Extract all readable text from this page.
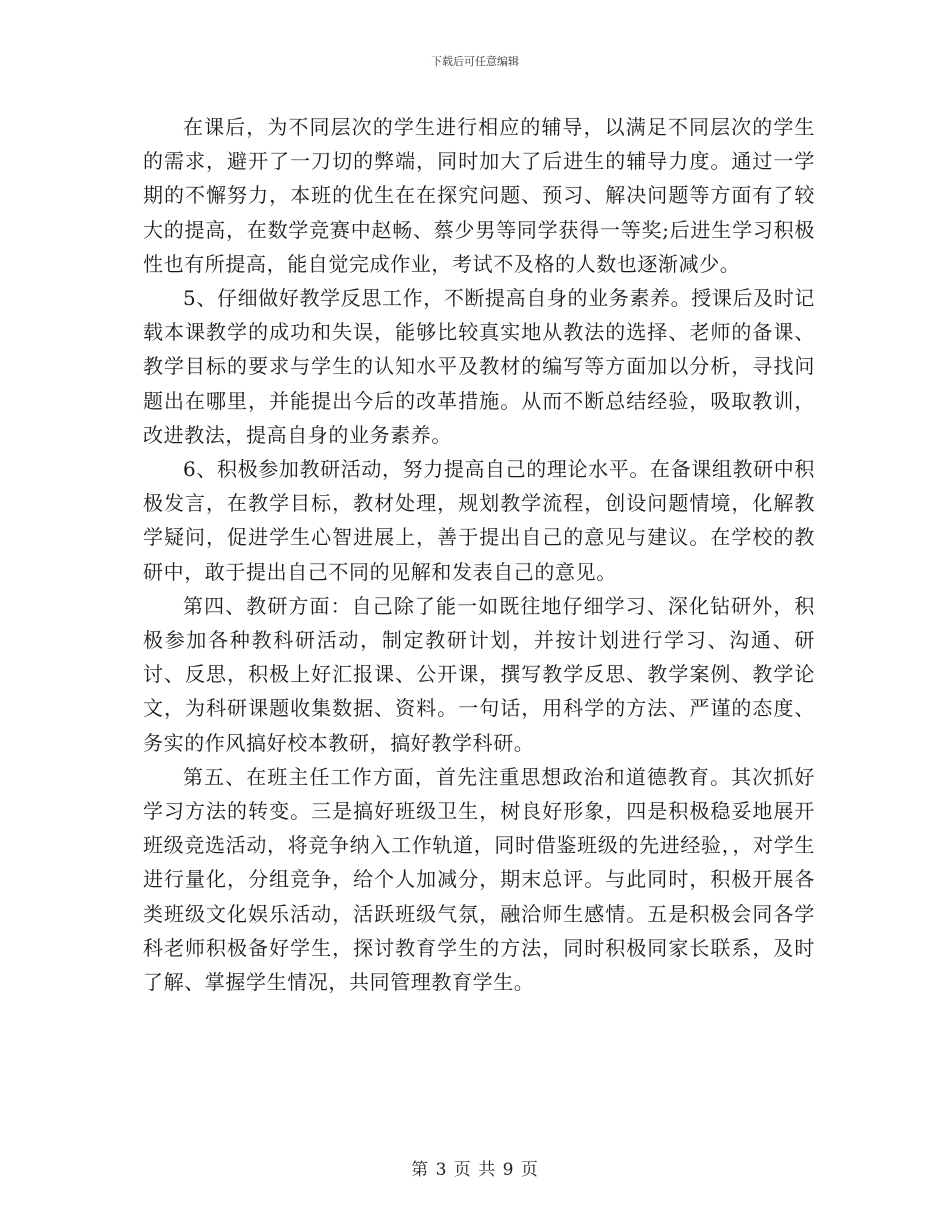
下载后可任意编辑

在课后，为不同层次的学生进行相应的辅导，以满足不同层次的学生的需求，避开了一刀切的弊端，同时加大了后进生的辅导力度。通过一学期的不懈努力，本班的优生在在探究问题、预习、解决问题等方面有了较大的提高，在数学竞赛中赵畅、蔡少男等同学获得一等奖;后进生学习积极性也有所提高，能自觉完成作业，考试不及格的人数也逐渐减少。

5、仔细做好教学反思工作，不断提高自身的业务素养。授课后及时记载本课教学的成功和失误，能够比较真实地从教法的选择、老师的备课、教学目标的要求与学生的认知水平及教材的编写等方面加以分析，寻找问题出在哪里，并能提出今后的改革措施。从而不断总结经验，吸取教训，改进教法，提高自身的业务素养。

6、积极参加教研活动，努力提高自己的理论水平。在备课组教研中积极发言，在教学目标，教材处理，规划教学流程，创设问题情境，化解教学疑问，促进学生心智进展上，善于提出自己的意见与建议。在学校的教研中，敢于提出自己不同的见解和发表自己的意见。

第四、教研方面：自己除了能一如既往地仔细学习、深化钻研外，积极参加各种教科研活动，制定教研计划，并按计划进行学习、沟通、研讨、反思，积极上好汇报课、公开课，撰写教学反思、教学案例、教学论文，为科研课题收集数据、资料。一句话，用科学的方法、严谨的态度、务实的作风搞好校本教研，搞好教学科研。

第五、在班主任工作方面，首先注重思想政治和道德教育。其次抓好学习方法的转变。三是搞好班级卫生，树良好形象，四是积极稳妥地展开班级竞选活动，将竞争纳入工作轨道，同时借鉴班级的先进经验，，对学生进行量化，分组竞争，给个人加减分，期末总评。与此同时，积极开展各类班级文化娱乐活动，活跃班级气氛，融洽师生感情。五是积极会同各学科老师积极备好学生，探讨教育学生的方法，同时积极同家长联系，及时了解、掌握学生情况，共同管理教育学生。

第 3 页 共 9 页
